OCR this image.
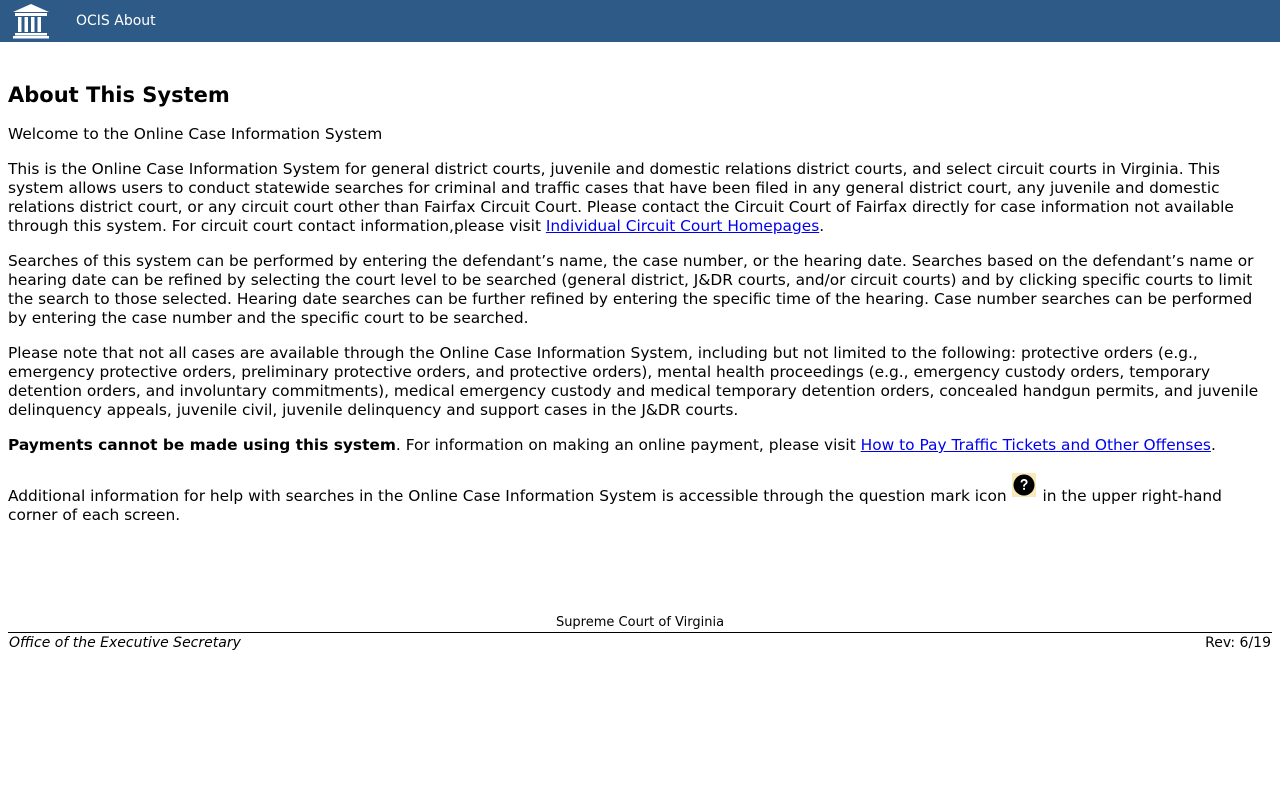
OCIS About
About This System

Welcome to the Online Case Information System

This is the Online Case Information System for general district courts, juvenile and domestic relations district courts, and select circuit courts in Virginia. This system allows users to conduct statewide searches for criminal and traffic cases that have been filed in any general district court, any juvenile and domestic relations district court, or any circuit court other than Fairfax Circuit Court. Please contact the Circuit Court of Fairfax directly for case information not available through this system. For circuit court contact information,please visit Individual Circuit Court Homepages.

Searches of this system can be performed by entering the defendant’s name, the case number, or the hearing date. Searches based on the defendant’s name or hearing date can be refined by selecting the court level to be searched (general district, J&DR courts, and/or circuit courts) and by clicking specific courts to limit the search to those selected. Hearing date searches can be further refined by entering the specific time of the hearing. Case number searches can be performed by entering the case number and the specific court to be searched.

Please note that not all cases are available through the Online Case Information System, including but not limited to the following: protective orders (e.g., emergency protective orders, preliminary protective orders, and protective orders), mental health proceedings (e.g., emergency custody orders, temporary detention orders, and involuntary commitments), medical emergency custody and medical temporary detention orders, concealed handgun permits, and juvenile delinquency appeals, juvenile civil, juvenile delinquency and support cases in the J&DR courts.

Payments cannot be made using this system. For information on making an online payment, please visit How to Pay Traffic Tickets and Other Offenses.

Additional information for help with searches in the Online Case Information System is accessible through the question mark icon  in the upper right-hand corner of each screen.

Supreme Court of Virginia
Office of the Executive Secretary	Rev: 6/19
